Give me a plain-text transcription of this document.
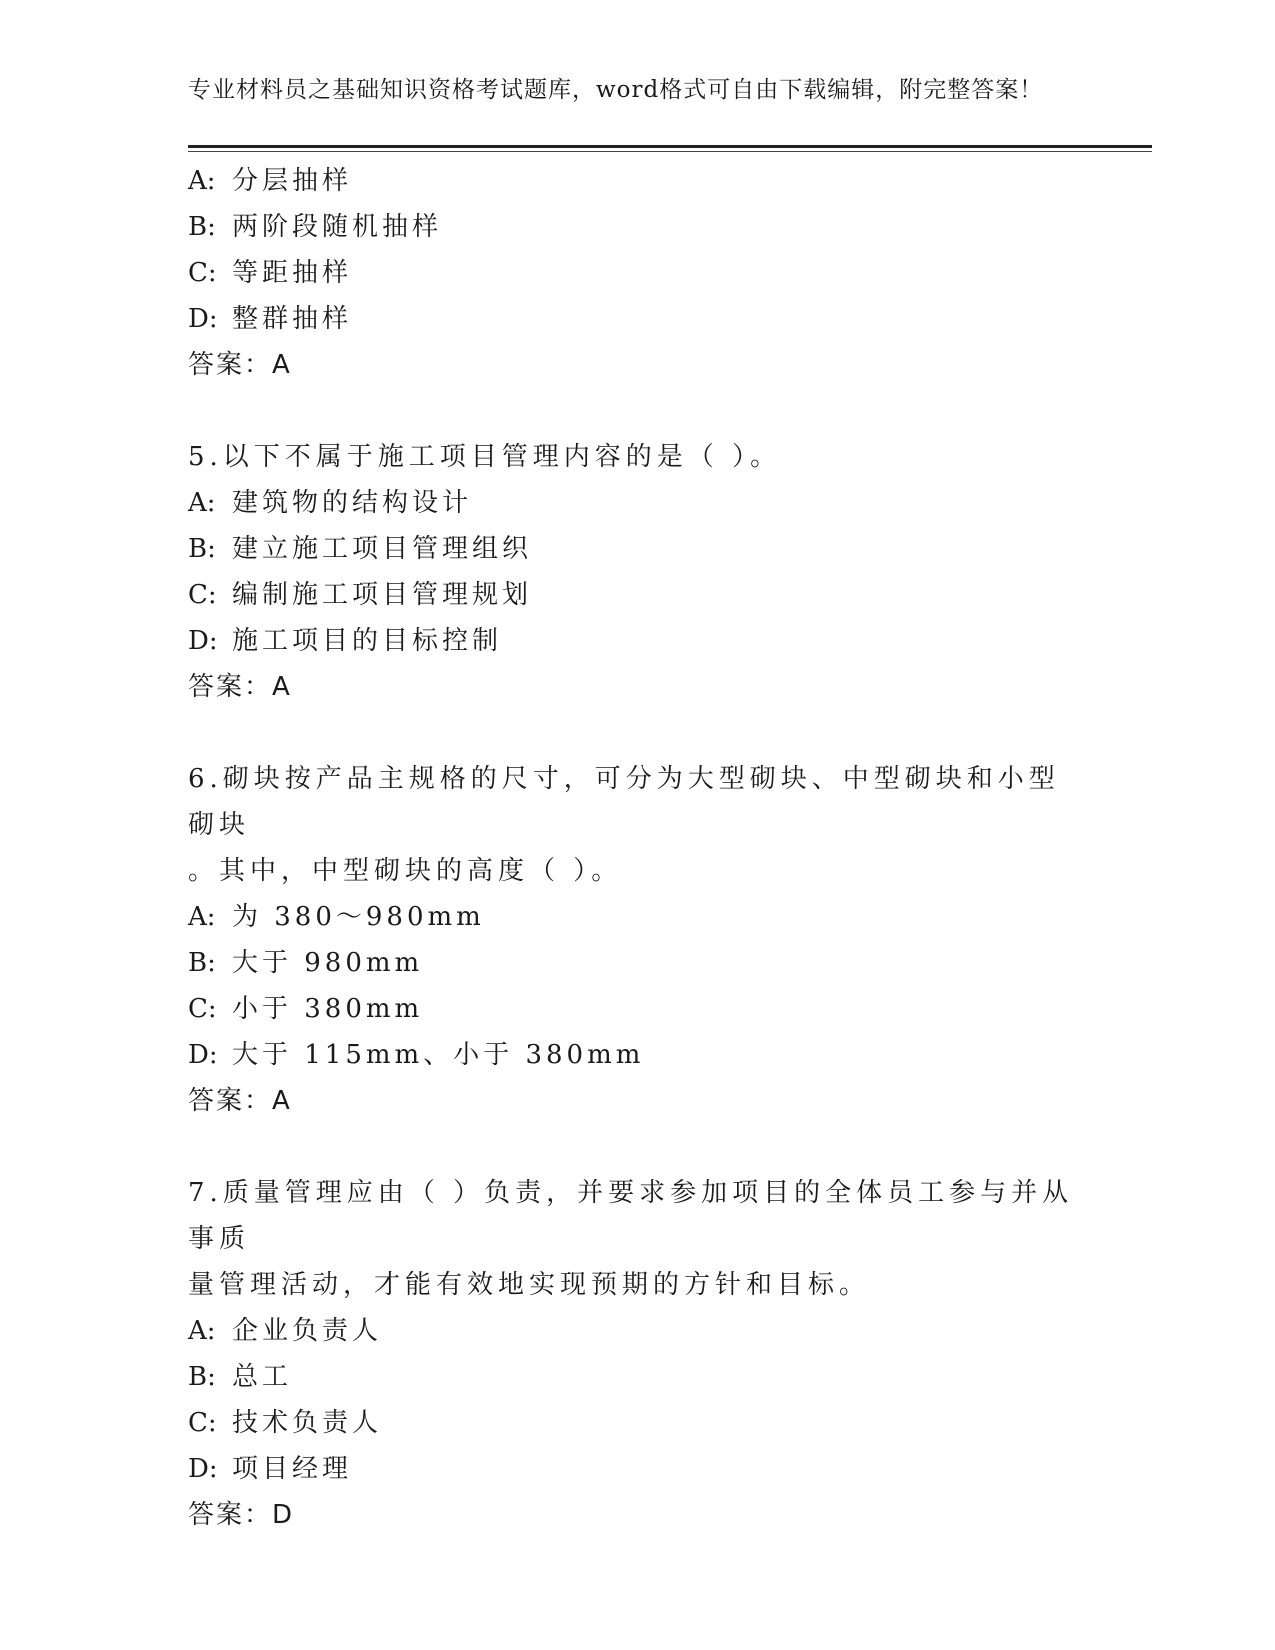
专业材料员之基础知识资格考试题库，word格式可自由下载编辑，附完整答案！

A: 分层抽样

B: 两阶段随机抽样

C: 等距抽样

D: 整群抽样

答案：A

5.以下不属于施工项目管理内容的是（ ）。

A: 建筑物的结构设计

B: 建立施工项目管理组织

C: 编制施工项目管理规划

D: 施工项目的目标控制

答案：A

6.砌块按产品主规格的尺寸，可分为大型砌块、中型砌块和小型砌块

。其中，中型砌块的高度（ ）。

A: 为 380～980mm

B: 大于 980mm

C: 小于 380mm

D: 大于 115mm、小于 380mm

答案：A

7.质量管理应由（ ）负责，并要求参加项目的全体员工参与并从事质

量管理活动，才能有效地实现预期的方针和目标。

A: 企业负责人

B: 总工

C: 技术负责人

D: 项目经理

答案：D
